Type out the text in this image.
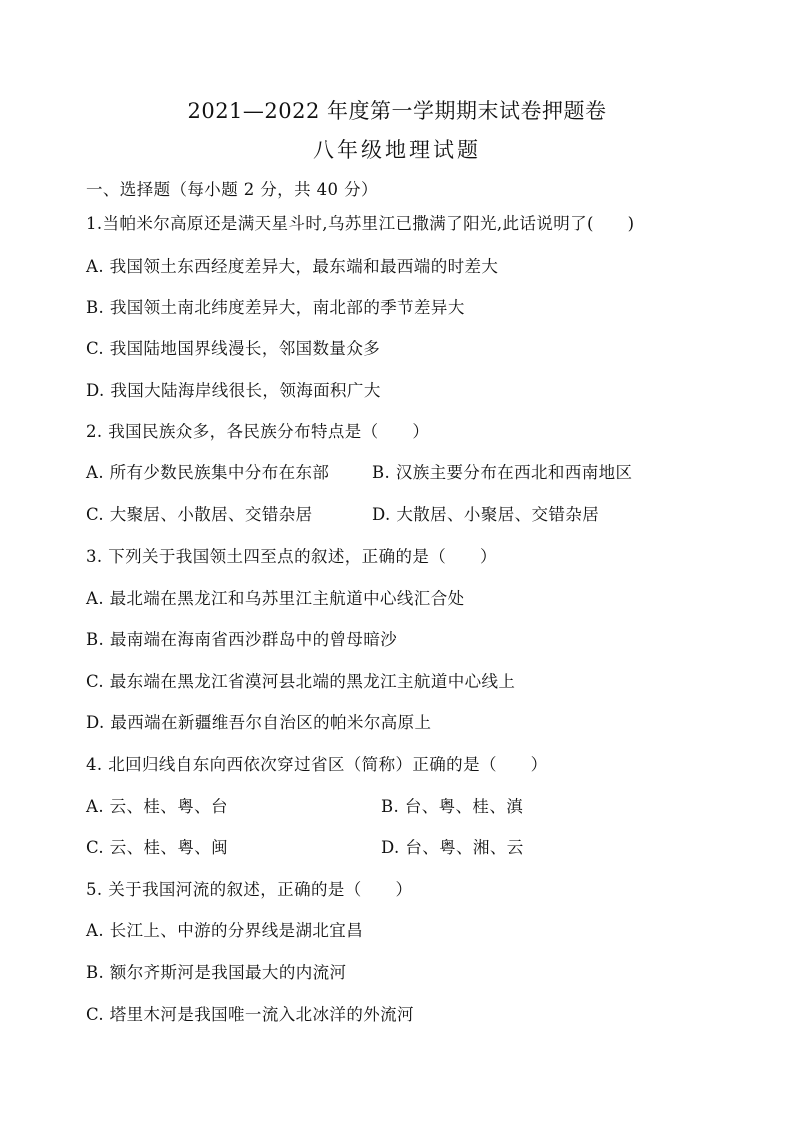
2021—2022 年度第一学期期末试卷押题卷
八年级地理试题
一、选择题（每小题 2 分，共 40 分）
1.当帕米尔高原还是满天星斗时,乌苏里江已撒满了阳光,此话说明了(　　)
A. 我国领土东西经度差异大，最东端和最西端的时差大
B. 我国领土南北纬度差异大，南北部的季节差异大
C. 我国陆地国界线漫长，邻国数量众多
D. 我国大陆海岸线很长，领海面积广大
2. 我国民族众多，各民族分布特点是（　　）
A. 所有少数民族集中分布在东部	B. 汉族主要分布在西北和西南地区
C. 大聚居、小散居、交错杂居	D. 大散居、小聚居、交错杂居
3. 下列关于我国领土四至点的叙述，正确的是（　　）
A. 最北端在黑龙江和乌苏里江主航道中心线汇合处
B. 最南端在海南省西沙群岛中的曾母暗沙
C. 最东端在黑龙江省漠河县北端的黑龙江主航道中心线上
D. 最西端在新疆维吾尔自治区的帕米尔高原上
4. 北回归线自东向西依次穿过省区（简称）正确的是（　　）
A. 云、桂、粤、台	B. 台、粤、桂、滇
C. 云、桂、粤、闽	D. 台、粤、湘、云
5. 关于我国河流的叙述，正确的是（　　）
A. 长江上、中游的分界线是湖北宜昌
B. 额尔齐斯河是我国最大的内流河
C. 塔里木河是我国唯一流入北冰洋的外流河
